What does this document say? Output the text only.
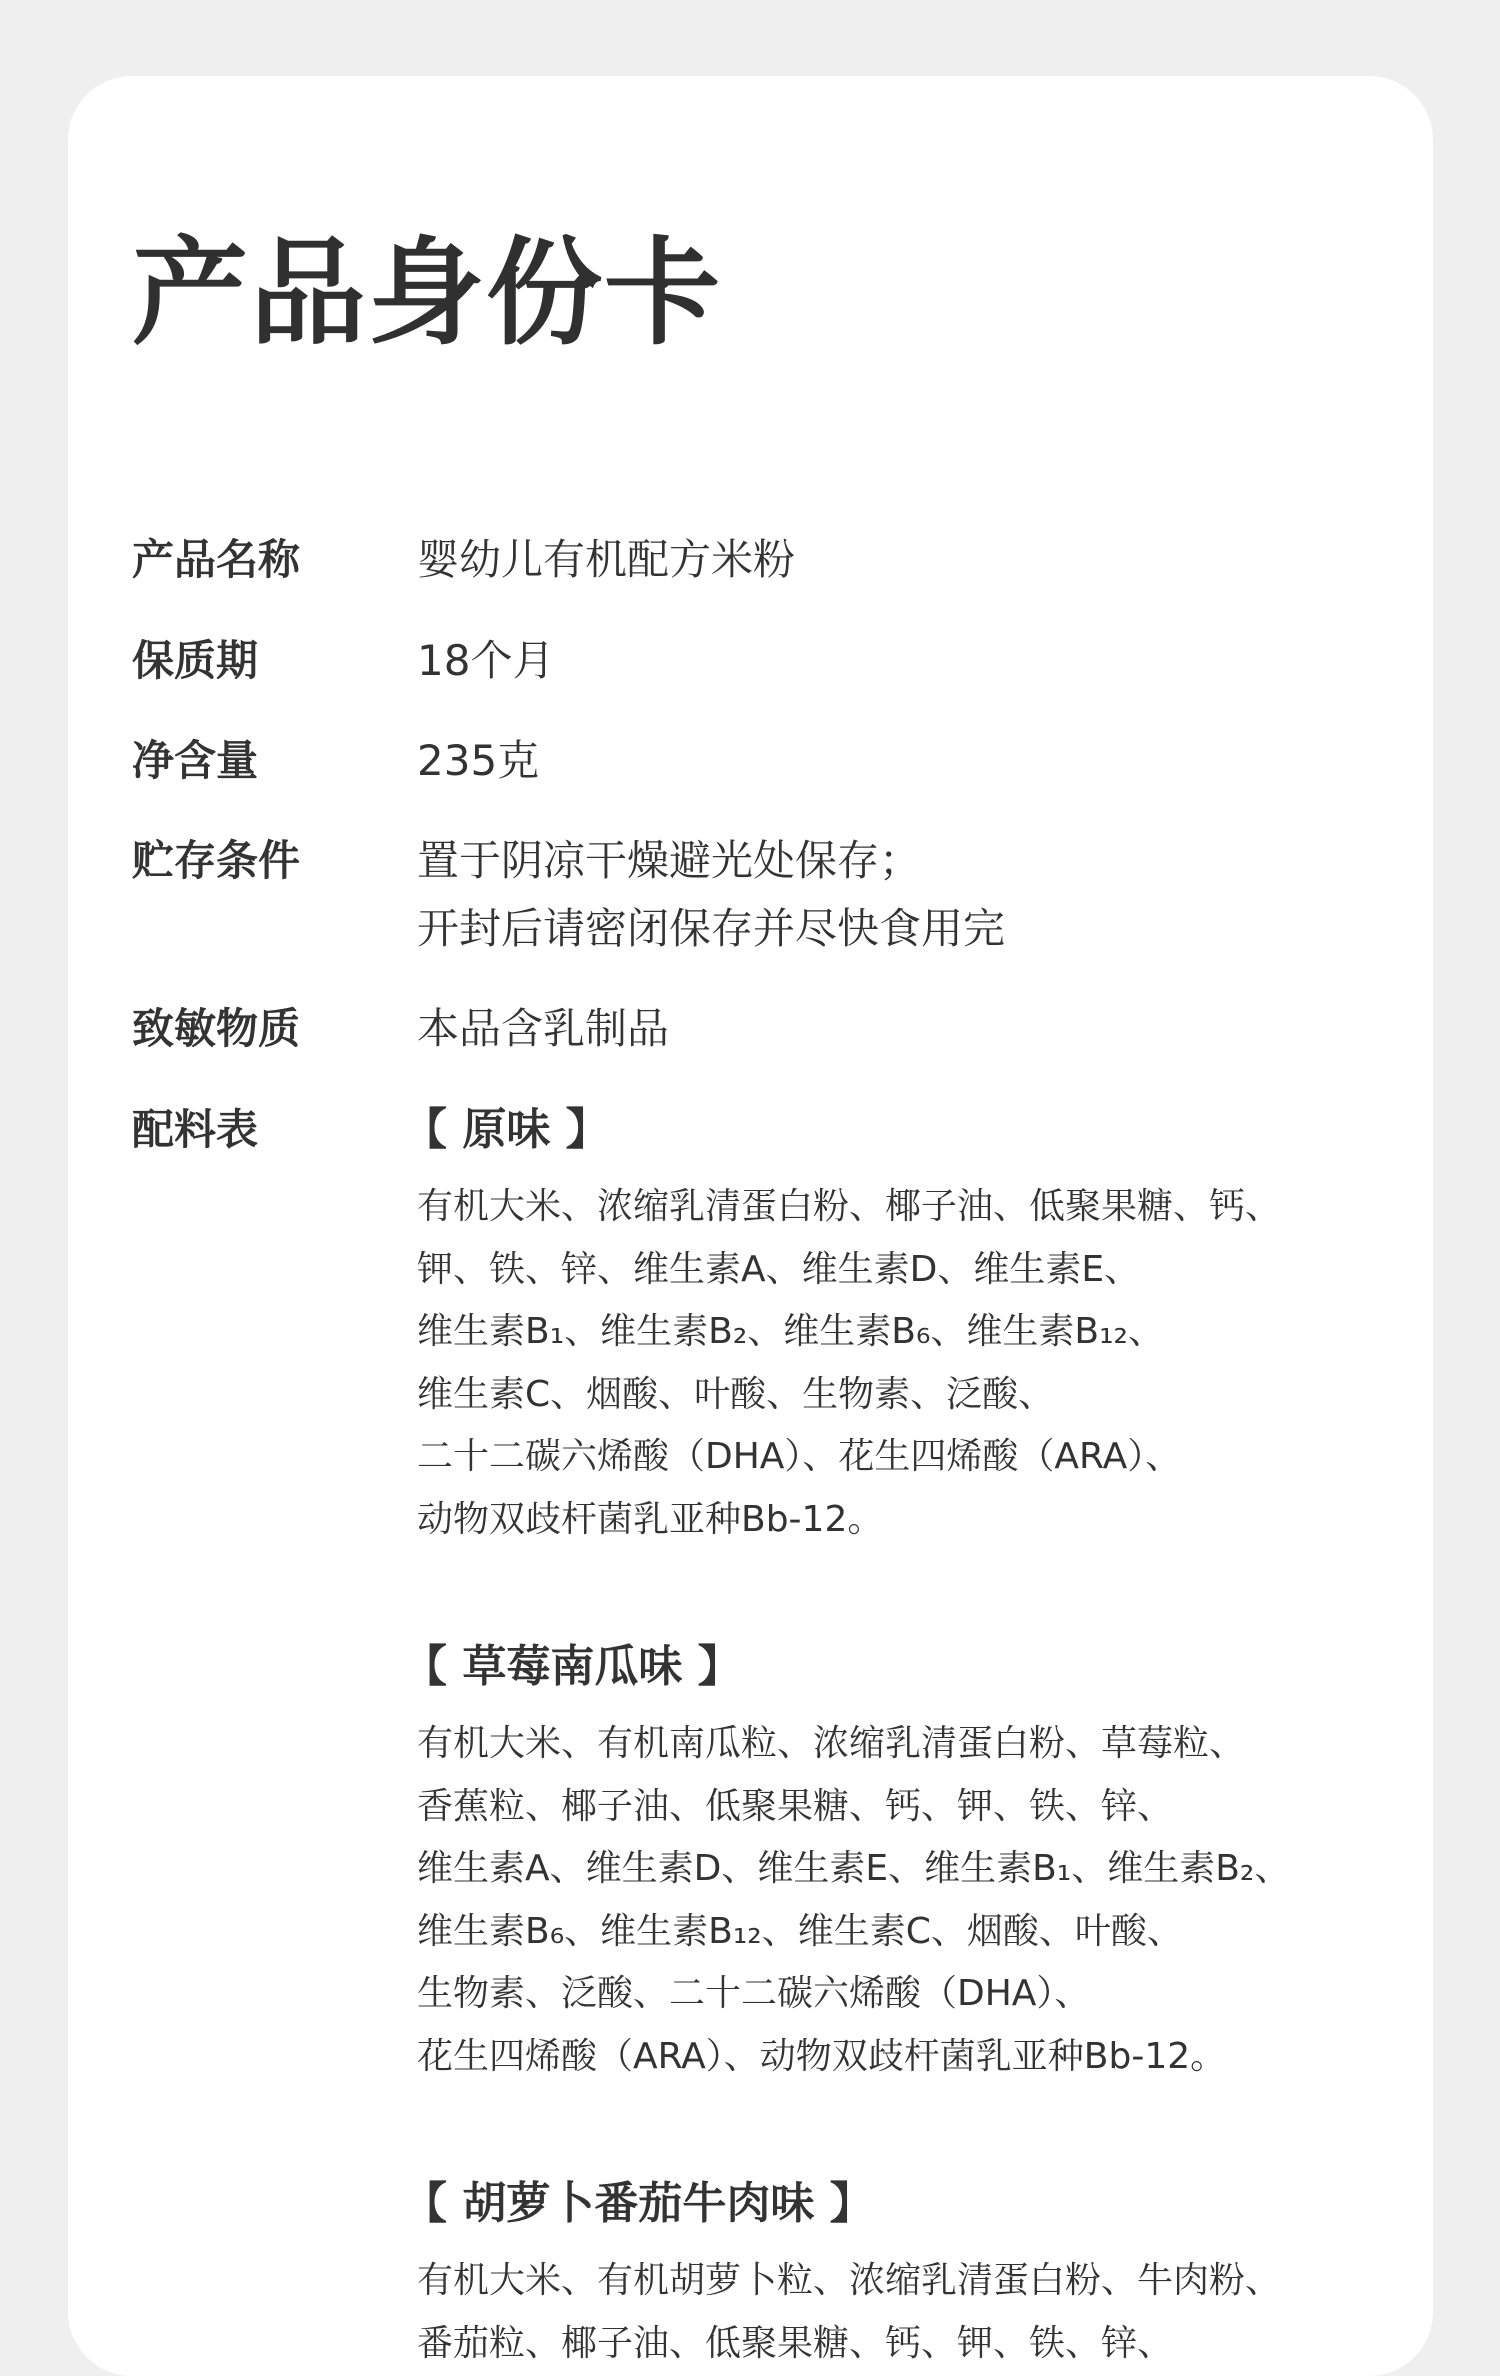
产品身份卡
产品名称	婴幼儿有机配方米粉
保质期	18个月
净含量	235克
贮存条件	置于阴凉干燥避光处保存；
开封后请密闭保存并尽快食用完
致敏物质	本品含乳制品
配料表	【 原味 】
有机大米、浓缩乳清蛋白粉、椰子油、低聚果糖、钙、
钾、铁、锌、维生素A、维生素D、维生素E、
维生素B₁、维生素B₂、维生素B₆、维生素B₁₂、
维生素C、烟酸、叶酸、生物素、泛酸、
二十二碳六烯酸（DHA）、花生四烯酸（ARA）、
动物双歧杆菌乳亚种Bb-12。
【 草莓南瓜味 】
有机大米、有机南瓜粒、浓缩乳清蛋白粉、草莓粒、
香蕉粒、椰子油、低聚果糖、钙、钾、铁、锌、
维生素A、维生素D、维生素E、维生素B₁、维生素B₂、
维生素B₆、维生素B₁₂、维生素C、烟酸、叶酸、
生物素、泛酸、二十二碳六烯酸（DHA）、
花生四烯酸（ARA）、动物双歧杆菌乳亚种Bb-12。
【 胡萝卜番茄牛肉味 】
有机大米、有机胡萝卜粒、浓缩乳清蛋白粉、牛肉粉、
番茄粒、椰子油、低聚果糖、钙、钾、铁、锌、
